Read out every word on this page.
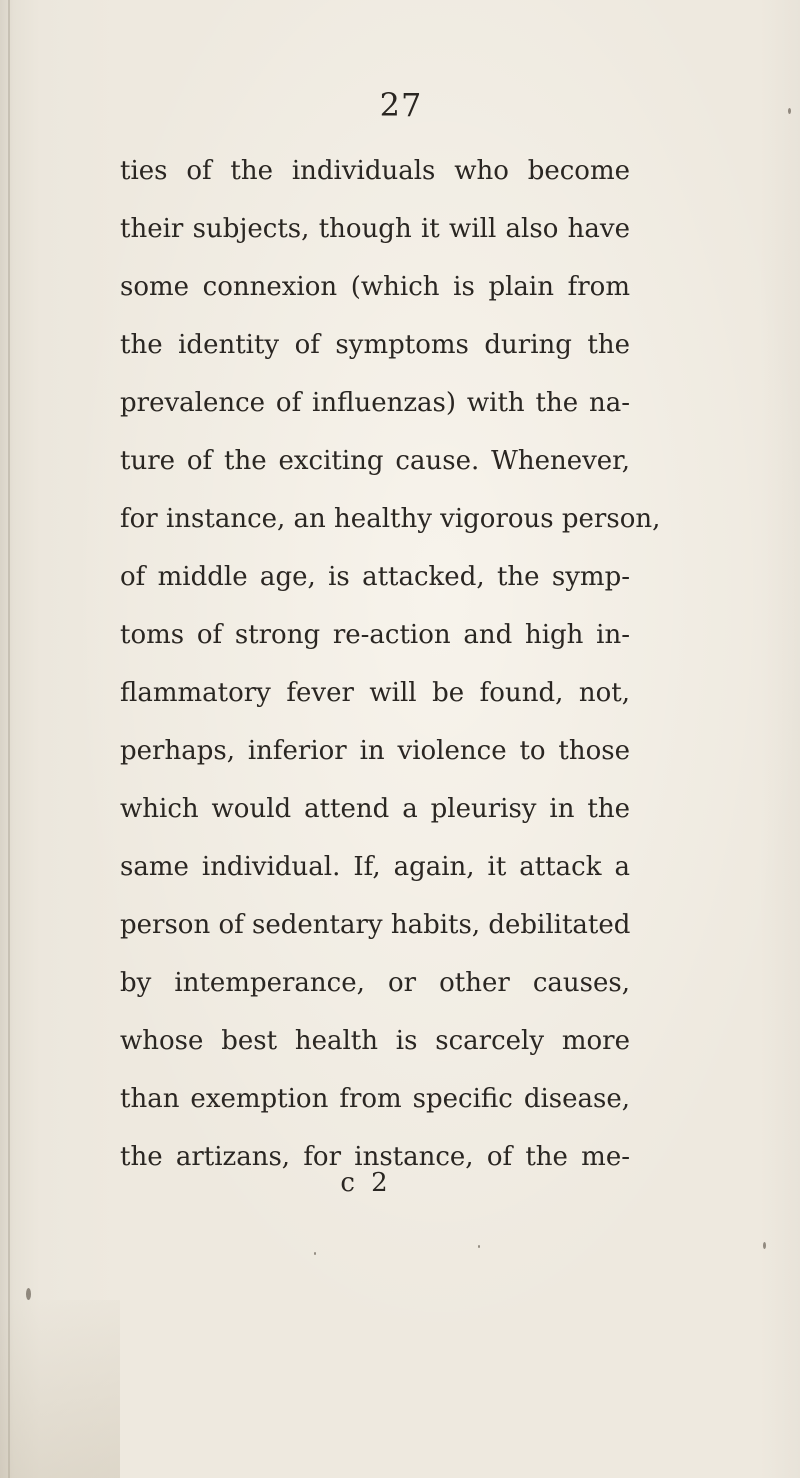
27
ties of the individuals who become
their subjects, though it will also have
some connexion (which is plain from
the identity of symptoms during the
prevalence of influenzas) with the na-
ture of the exciting cause. Whenever,
for instance, an healthy vigorous person,
of middle age, is attacked, the symp-
toms of strong re-action and high in-
flammatory fever will be found, not,
perhaps, inferior in violence to those
which would attend a pleurisy in the
same individual. If, again, it attack a
person of sedentary habits, debilitated
by intemperance, or other causes,
whose best health is scarcely more
than exemption from specific disease,
the artizans, for instance, of the me-
c 2
